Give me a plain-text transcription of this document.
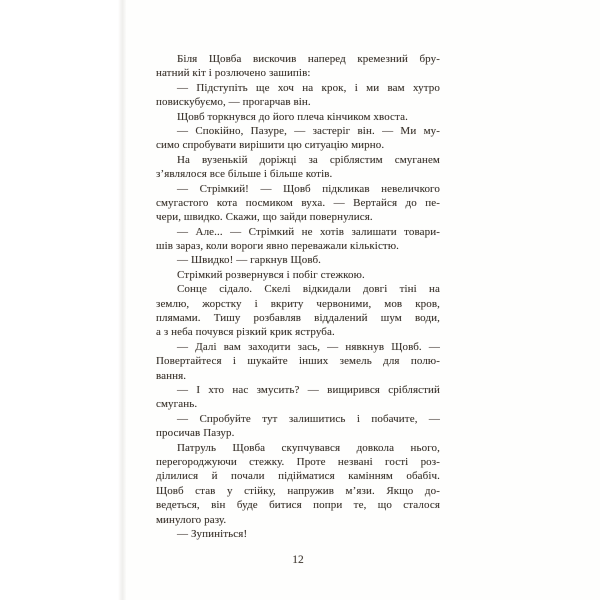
Біля Щовба вискочив наперед кремезний бру-
натний кіт і розлючено зашипів:
— Підступіть ще хоч на крок, і ми вам хутро
повискубуємо, — прогарчав він.
Щовб торкнувся до його плеча кінчиком хвоста.
— Спокійно, Пазуре, — застеріг він. — Ми му-
симо спробувати вирішити цю ситуацію мирно.
На вузенькій доріжці за сріблястим смуганем
з’являлося все більше і більше котів.
— Стрімкий! — Щовб підкликав невеличкого
смугастого кота посмиком вуха. — Вертайся до пе-
чери, швидко. Скажи, що зайди повернулися.
— Але... — Стрімкий не хотів залишати товари-
шів зараз, коли вороги явно переважали кількістю.
— Швидко! — гаркнув Щовб.
Стрімкий розвернувся і побіг стежкою.
Сонце сідало. Скелі відкидали довгі тіні на
землю, жорстку і вкриту червоними, мов кров,
плямами. Тишу розбавляв віддалений шум води,
а з неба почувся різкий крик яструба.
— Далі вам заходити зась, — нявкнув Щовб. —
Повертайтеся і шукайте інших земель для полю-
вання.
— І хто нас змусить? — вищирився сріблястий
смугань.
— Спробуйте тут залишитись і побачите, —
просичав Пазур.
Патруль Щовба скупчувався довкола нього,
перегороджуючи стежку. Проте незвані гості роз-
ділилися й почали підійматися камінням обабіч.
Щовб став у стійку, напружив м’язи. Якщо до-
ведеться, він буде битися попри те, що сталося
минулого разу.
— Зупиніться!
12
